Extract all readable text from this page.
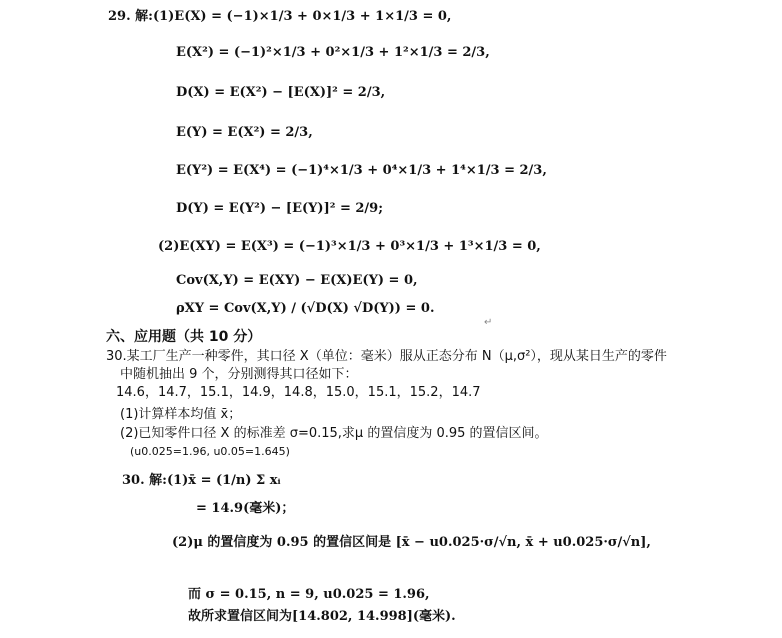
29. 解:(1)E(X) = (−1)×1/3 + 0×1/3 + 1×1/3 = 0,
E(X²) = (−1)²×1/3 + 0²×1/3 + 1²×1/3 = 2/3,
D(X) = E(X²) − [E(X)]² = 2/3,
E(Y) = E(X²) = 2/3,
E(Y²) = E(X⁴) = (−1)⁴×1/3 + 0⁴×1/3 + 1⁴×1/3 = 2/3,
D(Y) = E(Y²) − [E(Y)]² = 2/9;
(2)E(XY) = E(X³) = (−1)³×1/3 + 0³×1/3 + 1³×1/3 = 0,
Cov(X,Y) = E(XY) − E(X)E(Y) = 0,
ρXY = Cov(X,Y) / (√D(X) √D(Y)) = 0.
↵
六、应用题（共 10 分）
30.某工厂生产一种零件，其口径 X（单位：毫米）服从正态分布 N（μ,σ²），现从某日生产的零件
中随机抽出 9 个，分别测得其口径如下：
14.6，14.7，15.1，14.9，14.8，15.0，15.1，15.2，14.7
(1)计算样本均值 x̄；
(2)已知零件口径 X 的标准差 σ=0.15,求μ 的置信度为 0.95 的置信区间。
(u0.025=1.96, u0.05=1.645)
30. 解:(1)x̄ = (1/n) Σ xᵢ
= 14.9(毫米)；
(2)μ 的置信度为 0.95 的置信区间是 [x̄ − u0.025·σ/√n, x̄ + u0.025·σ/√n],
而 σ = 0.15, n = 9, u0.025 = 1.96,
故所求置信区间为[14.802, 14.998](毫米).
